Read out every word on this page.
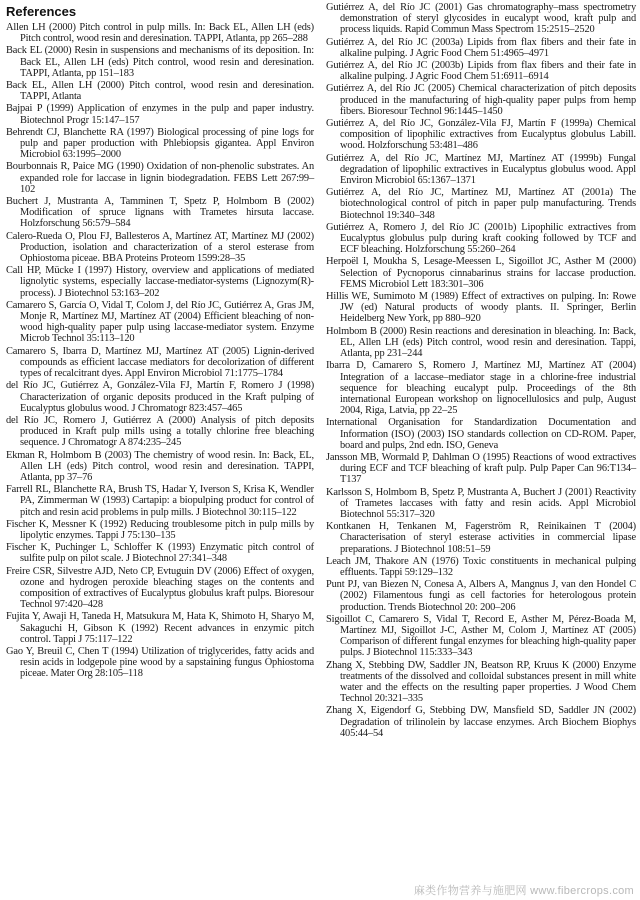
References

Allen LH (2000) Pitch control in pulp mills. In: Back EL, Allen LH (eds) Pitch control, wood resin and deresination. TAPPI, Atlanta, pp 265–288

Back EL (2000) Resin in suspensions and mechanisms of its deposition. In: Back EL, Allen LH (eds) Pitch control, wood resin and deresination. TAPPI, Atlanta, pp 151–183

Back EL, Allen LH (2000) Pitch control, wood resin and deresination. TAPPI, Atlanta

Bajpai P (1999) Application of enzymes in the pulp and paper industry. Biotechnol Progr 15:147–157

Behrendt CJ, Blanchette RA (1997) Biological processing of pine logs for pulp and paper production with Phlebiopsis gigantea. Appl Environ Microbiol 63:1995–2000

Bourbonnais R, Paice MG (1990) Oxidation of non-phenolic substrates. An expanded role for laccase in lignin biodegradation. FEBS Lett 267:99–102

Buchert J, Mustranta A, Tamminen T, Spetz P, Holmbom B (2002) Modification of spruce lignans with Trametes hirsuta laccase. Holzforschung 56:579–584

Calero-Rueda O, Plou FJ, Ballesteros A, Martínez AT, Martínez MJ (2002) Production, isolation and characterization of a sterol esterase from Ophiostoma piceae. BBA Proteins Proteom 1599:28–35

Call HP, Mücke I (1997) History, overview and applications of mediated lignolytic systems, especially laccase-mediator-systems (Lignozym(R)-process). J Biotechnol 53:163–202

Camarero S, García O, Vidal T, Colom J, del Río JC, Gutiérrez A, Gras JM, Monje R, Martínez MJ, Martínez AT (2004) Efficient bleaching of non-wood high-quality paper pulp using laccase-mediator system. Enzyme Microb Technol 35:113–120

Camarero S, Ibarra D, Martínez MJ, Martínez AT (2005) Lignin-derived compounds as efficient laccase mediators for decolorization of different types of recalcitrant dyes. Appl Environ Microbiol 71:1775–1784

del Río JC, Gutiérrez A, González-Vila FJ, Martín F, Romero J (1998) Characterization of organic deposits produced in the Kraft pulping of Eucalyptus globulus wood. J Chromatogr 823:457–465

del Río JC, Romero J, Gutiérrez A (2000) Analysis of pitch deposits produced in Kraft pulp mills using a totally chlorine free bleaching sequence. J Chromatogr A 874:235–245

Ekman R, Holmbom B (2003) The chemistry of wood resin. In: Back, EL, Allen LH (eds) Pitch control, wood resin and deresination. TAPPI, Atlanta, pp 37–76

Farrell RL, Blanchette RA, Brush TS, Hadar Y, Iverson S, Krisa K, Wendler PA, Zimmerman W (1993) Cartapip: a biopulping product for control of pitch and resin acid problems in pulp mills. J Biotechnol 30:115–122

Fischer K, Messner K (1992) Reducing troublesome pitch in pulp mills by lipolytic enzymes. Tappi J 75:130–135

Fischer K, Puchinger L, Schloffer K (1993) Enzymatic pitch control of sulfite pulp on pilot scale. J Biotechnol 27:341–348

Freire CSR, Silvestre AJD, Neto CP, Evtuguin DV (2006) Effect of oxygen, ozone and hydrogen peroxide bleaching stages on the contents and composition of extractives of Eucalyptus globulus kraft pulps. Bioresour Technol 97:420–428

Fujita Y, Awaji H, Taneda H, Matsukura M, Hata K, Shimoto H, Sharyo M, Sakaguchi H, Gibson K (1992) Recent advances in enzymic pitch control. Tappi J 75:117–122

Gao Y, Breuil C, Chen T (1994) Utilization of triglycerides, fatty acids and resin acids in lodgepole pine wood by a sapstaining fungus Ophiostoma piceae. Mater Org 28:105–118

Gutiérrez A, del Río JC (2001) Gas chromatography–mass spectrometry demonstration of steryl glycosides in eucalypt wood, kraft pulp and process liquids. Rapid Commun Mass Spectrom 15:2515–2520

Gutiérrez A, del Río JC (2003a) Lipids from flax fibers and their fate in alkaline pulping. J Agric Food Chem 51:4965–4971

Gutiérrez A, del Río JC (2003b) Lipids from flax fibers and their fate in alkaline pulping. J Agric Food Chem 51:6911–6914

Gutiérrez A, del Río JC (2005) Chemical characterization of pitch deposits produced in the manufacturing of high-quality paper pulps from hemp fibers. Bioresour Technol 96:1445–1450

Gutiérrez A, del Río JC, González-Vila FJ, Martín F (1999a) Chemical composition of lipophilic extractives from Eucalyptus globulus Labill. wood. Holzforschung 53:481–486

Gutiérrez A, del Río JC, Martínez MJ, Martínez AT (1999b) Fungal degradation of lipophilic extractives in Eucalyptus globulus wood. Appl Environ Microbiol 65:1367–1371

Gutiérrez A, del Río JC, Martínez MJ, Martínez AT (2001a) The biotechnological control of pitch in paper pulp manufacturing. Trends Biotechnol 19:340–348

Gutiérrez A, Romero J, del Río JC (2001b) Lipophilic extractives from Eucalyptus globulus pulp during kraft cooking followed by TCF and ECF bleaching. Holzforschung 55:260–264

Herpoël I, Moukha S, Lesage-Meessen L, Sigoillot JC, Asther M (2000) Selection of Pycnoporus cinnabarinus strains for laccase production. FEMS Microbiol Lett 183:301–306

Hillis WE, Sumimoto M (1989) Effect of extractives on pulping. In: Rowe JW (ed) Natural products of woody plants. II. Springer, Berlin Heidelberg New York, pp 880–920

Holmbom B (2000) Resin reactions and deresination in bleaching. In: Back, EL, Allen LH (eds) Pitch control, wood resin and deresination. Tappi, Atlanta, pp 231–244

Ibarra D, Camarero S, Romero J, Martínez MJ, Martínez AT (2004) Integration of a laccase–mediator stage in a chlorine-free industrial sequence for bleaching eucalypt pulp. Proceedings of the 8th international European workshop on lignocellulosics and pulp, August 2004, Riga, Latvia, pp 22–25

International Organisation for Standardization Documentation and Information (ISO) (2003) ISO standards collection on CD-ROM. Paper, board and pulps, 2nd edn. ISO, Geneva

Jansson MB, Wormald P, Dahlman O (1995) Reactions of wood extractives during ECF and TCF bleaching of kraft pulp. Pulp Paper Can 96:T134–T137

Karlsson S, Holmbom B, Spetz P, Mustranta A, Buchert J (2001) Reactivity of Trametes laccases with fatty and resin acids. Appl Microbiol Biotechnol 55:317–320

Kontkanen H, Tenkanen M, Fagerström R, Reinikainen T (2004) Characterisation of steryl esterase activities in commercial lipase preparations. J Biotechnol 108:51–59

Leach JM, Thakore AN (1976) Toxic constituents in mechanical pulping effluents. Tappi 59:129–132

Punt PJ, van Biezen N, Conesa A, Albers A, Mangnus J, van den Hondel C (2002) Filamentous fungi as cell factories for heterologous protein production. Trends Biotechnol 20: 200–206

Sigoillot C, Camarero S, Vidal T, Record E, Asther M, Pérez-Boada M, Martínez MJ, Sigoillot J-C, Asther M, Colom J, Martínez AT (2005) Comparison of different fungal enzymes for bleaching high-quality paper pulps. J Biotechnol 115:333–343

Zhang X, Stebbing DW, Saddler JN, Beatson RP, Kruus K (2000) Enzyme treatments of the dissolved and colloidal substances present in mill white water and the effects on the resulting paper properties. J Wood Chem Technol 20:321–335

Zhang X, Eigendorf G, Stebbing DW, Mansfield SD, Saddler JN (2002) Degradation of trilinolein by laccase enzymes. Arch Biochem Biophys 405:44–54

麻类作物营养与施肥网 www.fibercrops.com
